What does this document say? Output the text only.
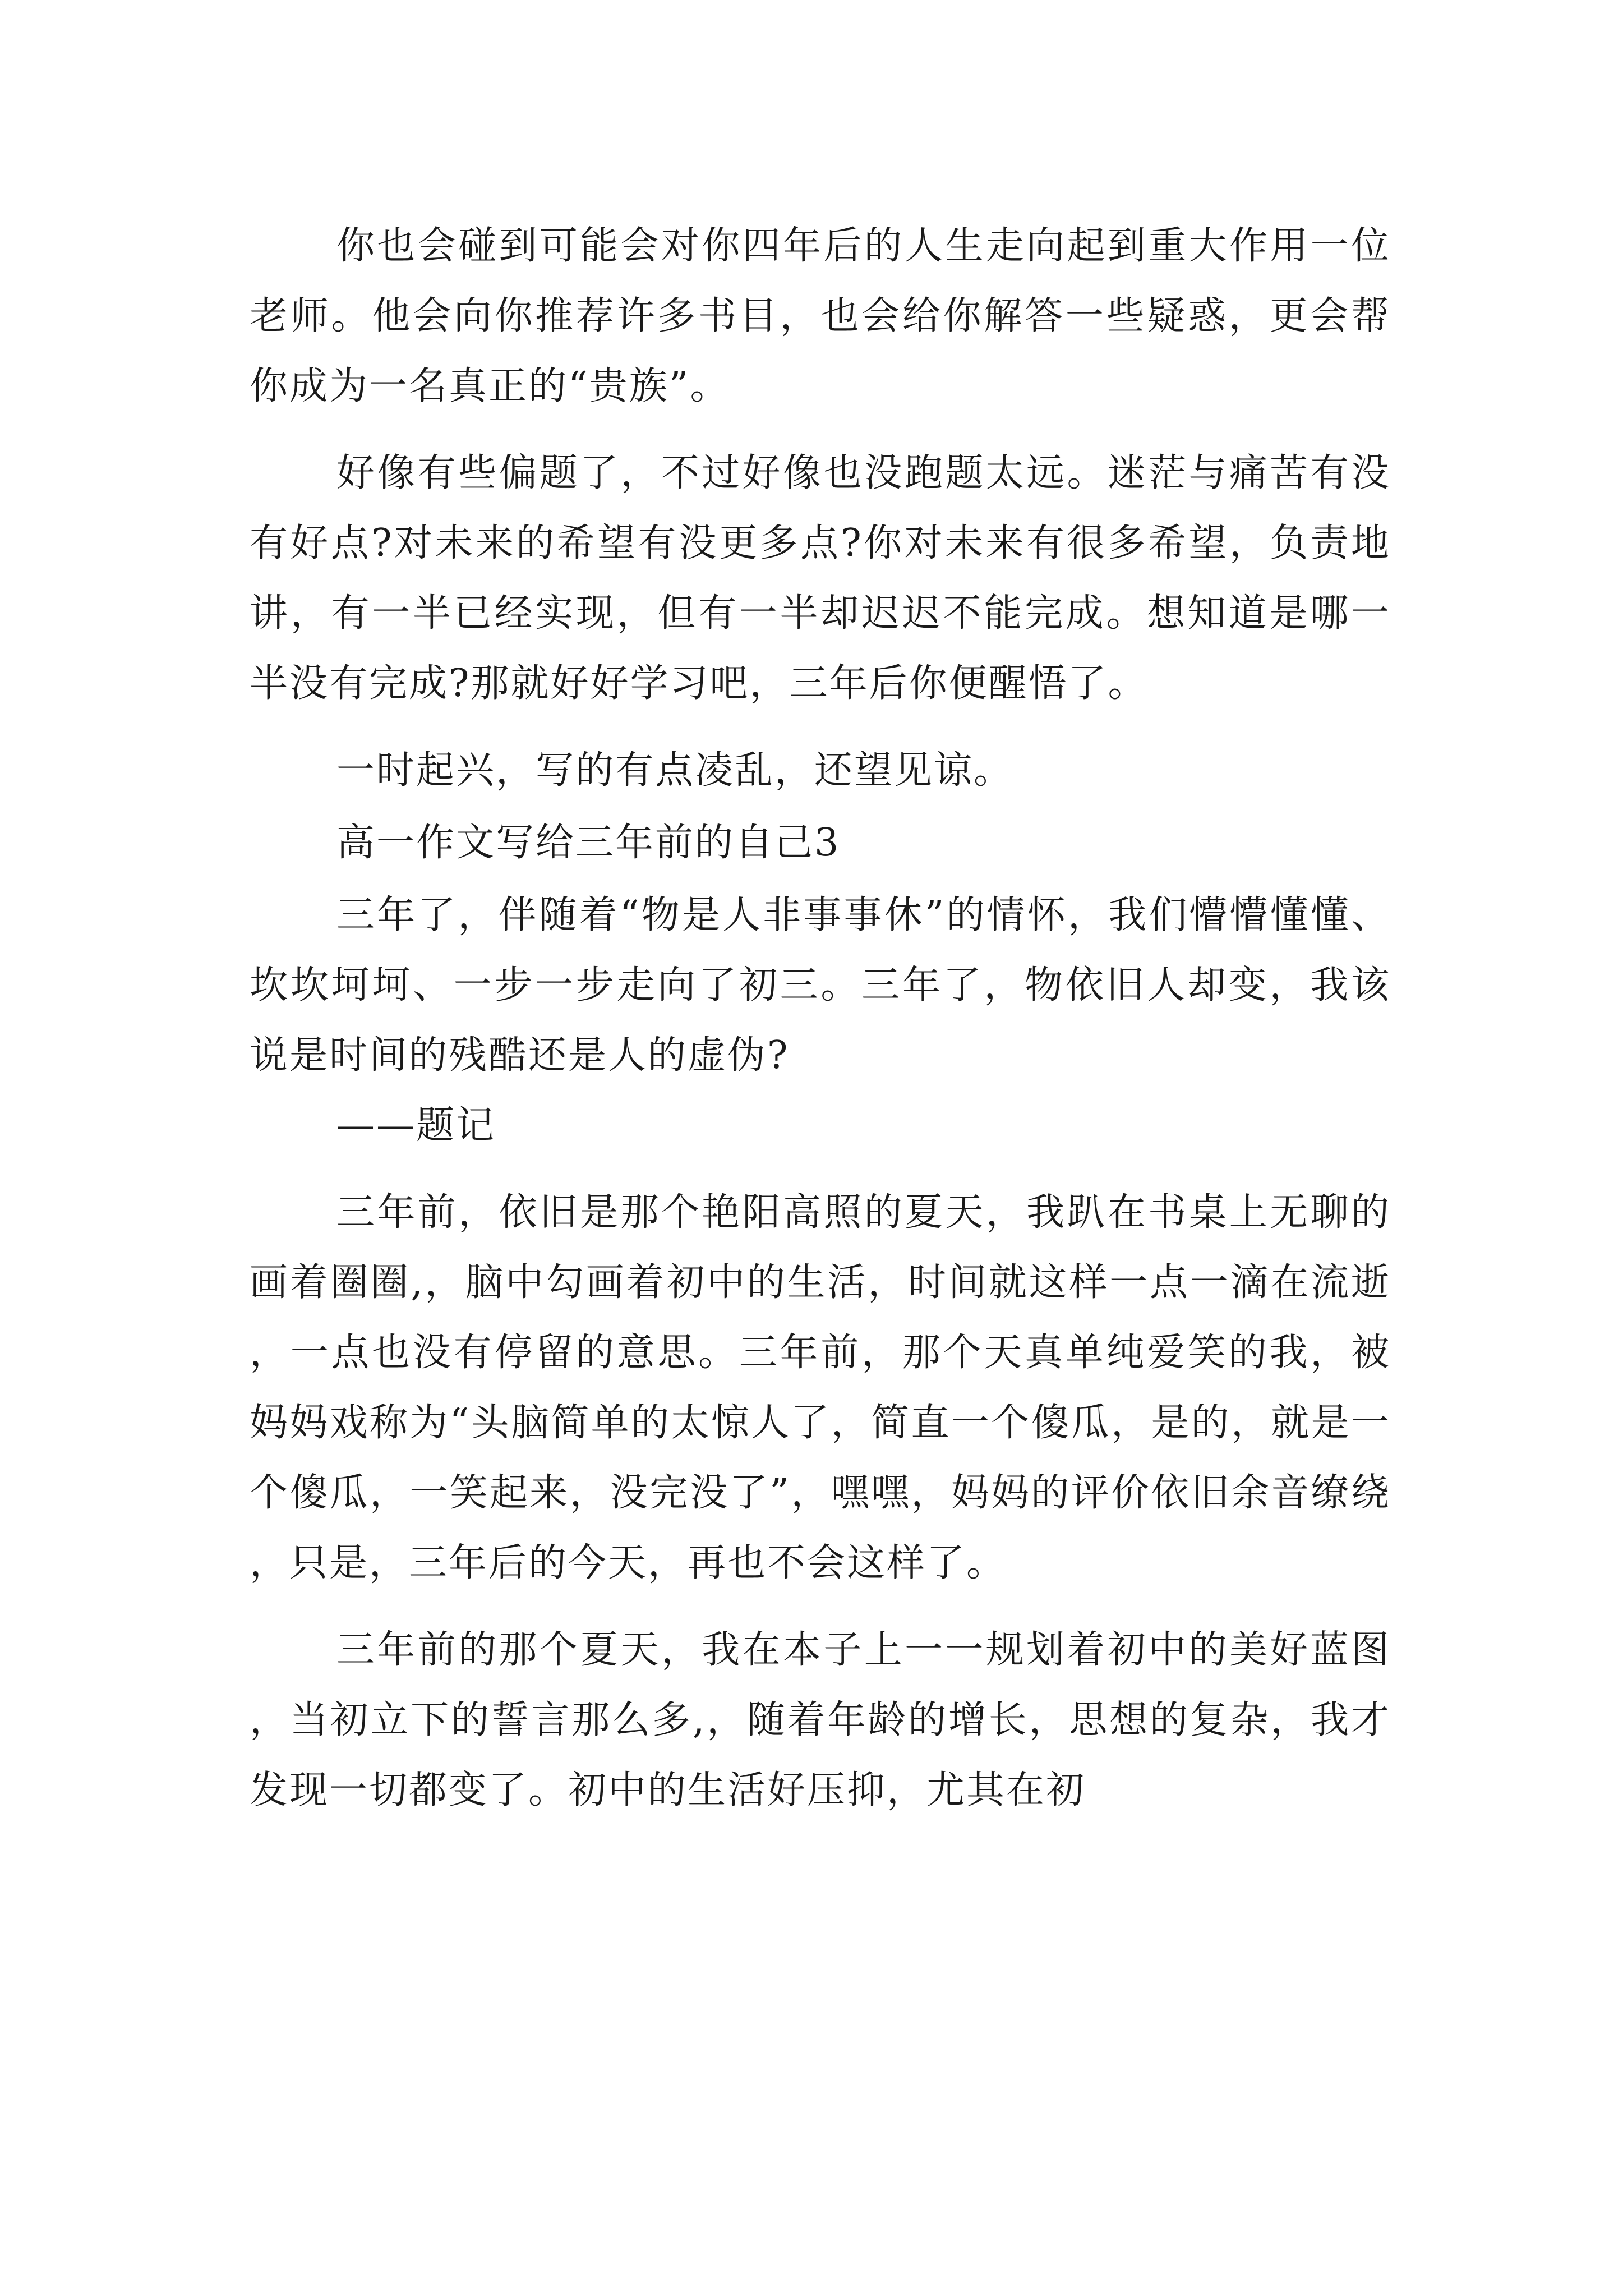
你也会碰到可能会对你四年后的人生走向起到重大作用一位老师。他会向你推荐许多书目，也会给你解答一些疑惑，更会帮你成为一名真正的“贵族”。

好像有些偏题了，不过好像也没跑题太远。迷茫与痛苦有没有好点?对未来的希望有没更多点?你对未来有很多希望，负责地讲，有一半已经实现，但有一半却迟迟不能完成。想知道是哪一半没有完成?那就好好学习吧，三年后你便醒悟了。

一时起兴，写的有点凌乱，还望见谅。

高一作文写给三年前的自己3

三年了，伴随着“物是人非事事休”的情怀，我们懵懵懂懂、坎坎坷坷、一步一步走向了初三。三年了，物依旧人却变，我该说是时间的残酷还是人的虚伪?

——题记

三年前，依旧是那个艳阳高照的夏天，我趴在书桌上无聊的画着圈圈,，脑中勾画着初中的生活，时间就这样一点一滴在流逝，一点也没有停留的意思。三年前，那个天真单纯爱笑的我，被妈妈戏称为“头脑简单的太惊人了，简直一个傻瓜，是的，就是一个傻瓜，一笑起来，没完没了”，嘿嘿，妈妈的评价依旧余音缭绕，只是，三年后的今天，再也不会这样了。

三年前的那个夏天，我在本子上一一规划着初中的美好蓝图，当初立下的誓言那么多,，随着年龄的增长，思想的复杂，我才发现一切都变了。初中的生活好压抑，尤其在初
